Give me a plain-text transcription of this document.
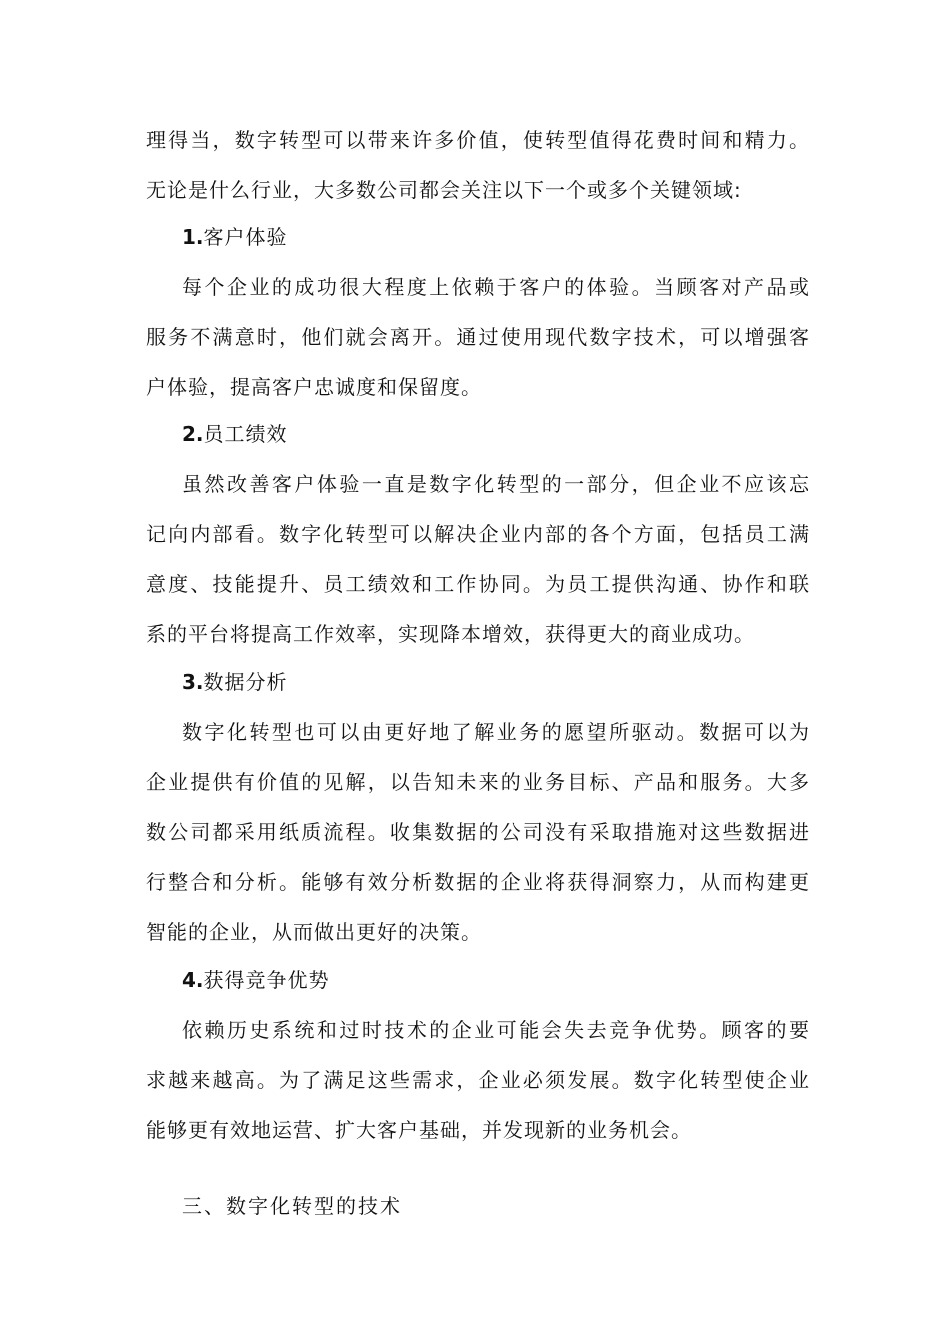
理得当，数字转型可以带来许多价值，使转型值得花费时间和精力。
无论是什么行业，大多数公司都会关注以下一个或多个关键领域:
1.客户体验
每个企业的成功很大程度上依赖于客户的体验。当顾客对产品或
服务不满意时，他们就会离开。通过使用现代数字技术，可以增强客
户体验，提高客户忠诚度和保留度。
2.员工绩效
虽然改善客户体验一直是数字化转型的一部分，但企业不应该忘
记向内部看。数字化转型可以解决企业内部的各个方面，包括员工满
意度、技能提升、员工绩效和工作协同。为员工提供沟通、协作和联
系的平台将提高工作效率，实现降本增效，获得更大的商业成功。
3.数据分析
数字化转型也可以由更好地了解业务的愿望所驱动。数据可以为
企业提供有价值的见解，以告知未来的业务目标、产品和服务。大多
数公司都采用纸质流程。收集数据的公司没有采取措施对这些数据进
行整合和分析。能够有效分析数据的企业将获得洞察力，从而构建更
智能的企业，从而做出更好的决策。
4.获得竞争优势
依赖历史系统和过时技术的企业可能会失去竞争优势。顾客的要
求越来越高。为了满足这些需求，企业必须发展。数字化转型使企业
能够更有效地运营、扩大客户基础，并发现新的业务机会。
三、数字化转型的技术
